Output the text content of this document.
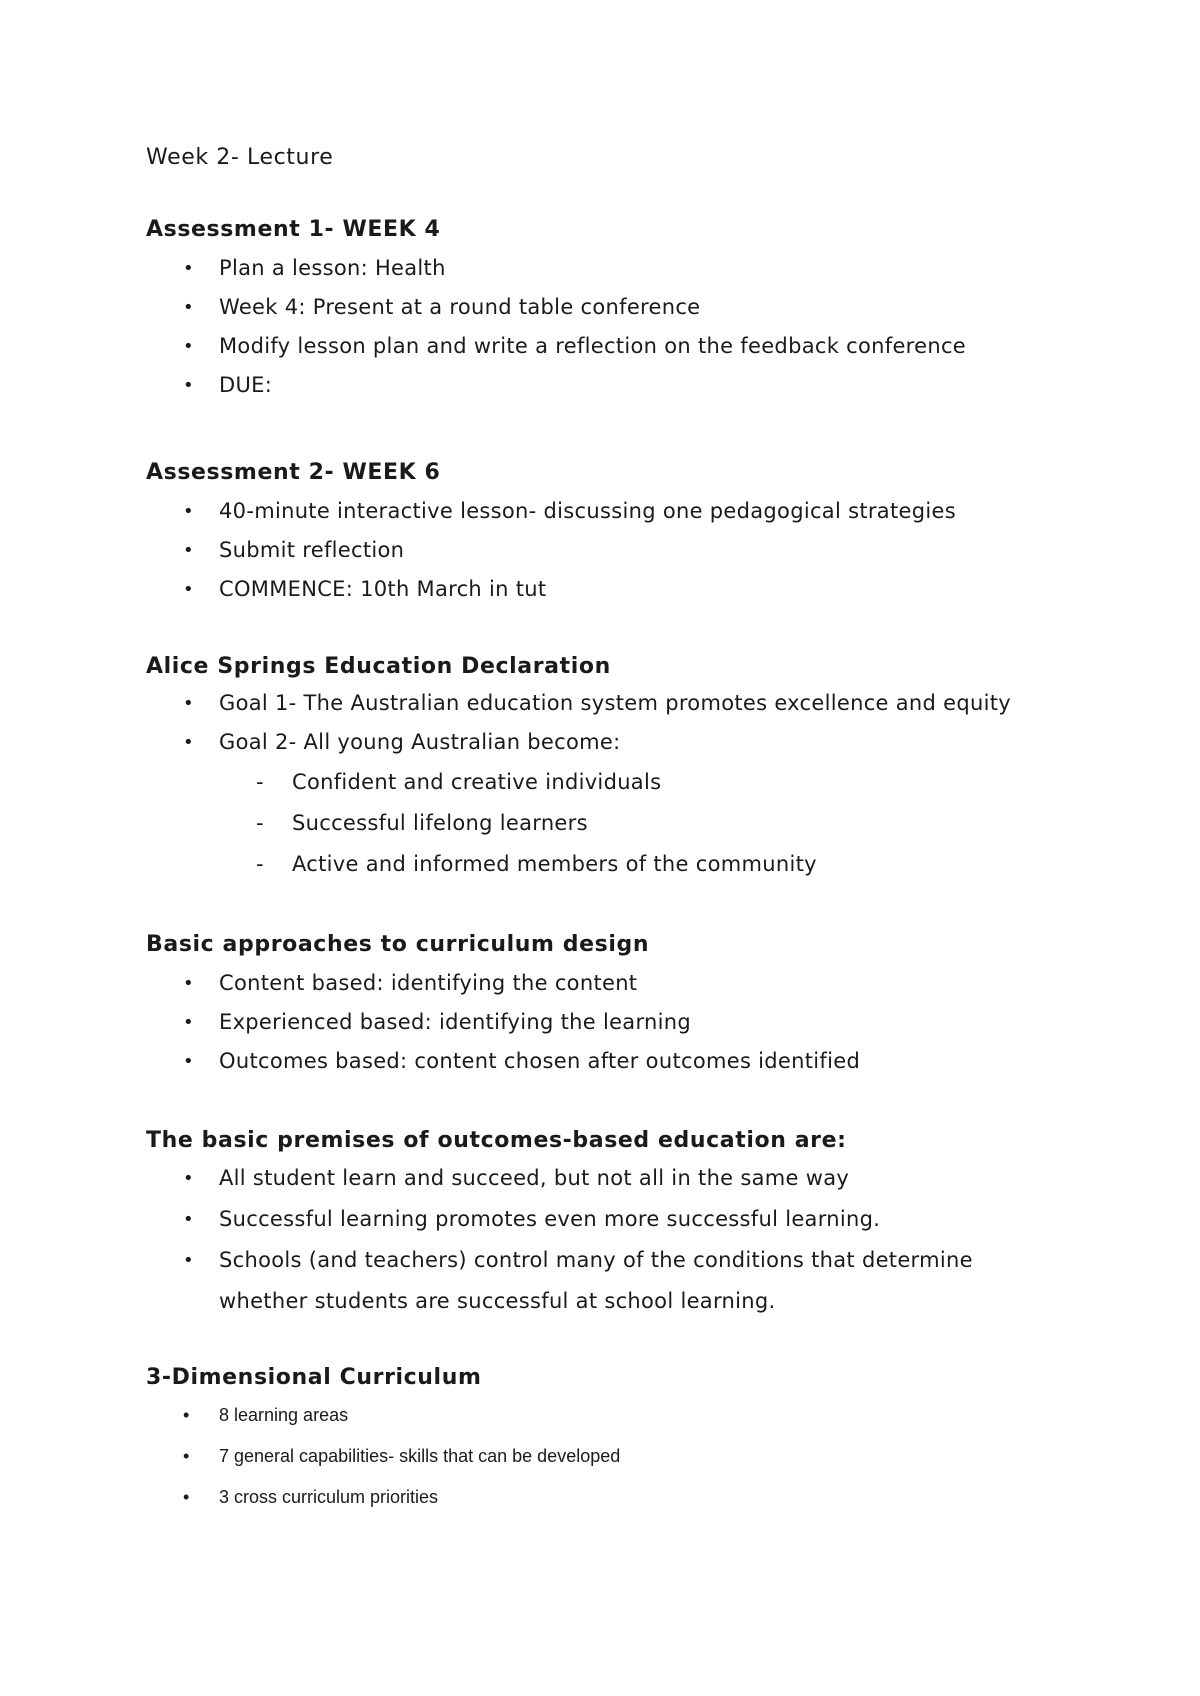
Week 2- Lecture
Assessment 1- WEEK 4
• Plan a lesson: Health
• Week 4: Present at a round table conference
• Modify lesson plan and write a reflection on the feedback conference
• DUE:
Assessment 2- WEEK 6
• 40-minute interactive lesson- discussing one pedagogical strategies
• Submit reflection
• COMMENCE: 10th March in tut
Alice Springs Education Declaration
• Goal 1- The Australian education system promotes excellence and equity
• Goal 2- All young Australian become:
- Confident and creative individuals
- Successful lifelong learners
- Active and informed members of the community
Basic approaches to curriculum design
• Content based: identifying the content
• Experienced based: identifying the learning
• Outcomes based: content chosen after outcomes identified
The basic premises of outcomes-based education are:
• All student learn and succeed, but not all in the same way
• Successful learning promotes even more successful learning.
• Schools (and teachers) control many of the conditions that determine
whether students are successful at school learning.
3-Dimensional Curriculum
• 8 learning areas
• 7 general capabilities- skills that can be developed
• 3 cross curriculum priorities
